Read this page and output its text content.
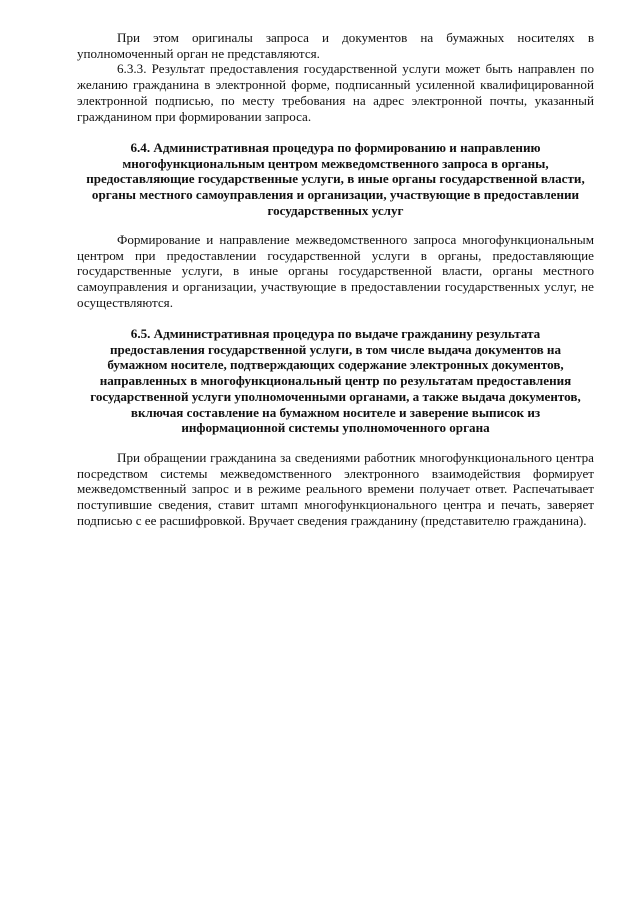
При этом оригиналы запроса и документов на бумажных носителях в уполномоченный орган не представляются.

6.3.3. Результат предоставления государственной услуги может быть направлен по желанию гражданина в электронной форме, подписанный усиленной квалифицированной электронной подписью, по месту требования на адрес электронной почты, указанный гражданином при формировании запроса.

6.4. Административная процедура по формированию и направлению многофункциональным центром межведомственного запроса в органы, предоставляющие государственные услуги, в иные органы государственной власти, органы местного самоуправления и организации, участвующие в предоставлении государственных услуг

Формирование и направление межведомственного запроса многофункциональным центром при предоставлении государственной услуги в органы, предоставляющие государственные услуги, в иные органы государственной власти, органы местного самоуправления и организации, участвующие в предоставлении государственных услуг, не осуществляются.

6.5. Административная процедура по выдаче гражданину результата предоставления государственной услуги, в том числе выдача документов на бумажном носителе, подтверждающих содержание электронных документов, направленных в многофункциональный центр по результатам предоставления государственной услуги уполномоченными органами, а также выдача документов, включая составление на бумажном носителе и заверение выписок из информационной системы уполномоченного органа

При обращении гражданина за сведениями работник многофункционального центра посредством системы межведомственного электронного взаимодействия формирует межведомственный запрос и в режиме реального времени получает ответ. Распечатывает поступившие сведения, ставит штамп многофункционального центра и печать, заверяет подписью с ее расшифровкой. Вручает сведения гражданину (представителю гражданина).
